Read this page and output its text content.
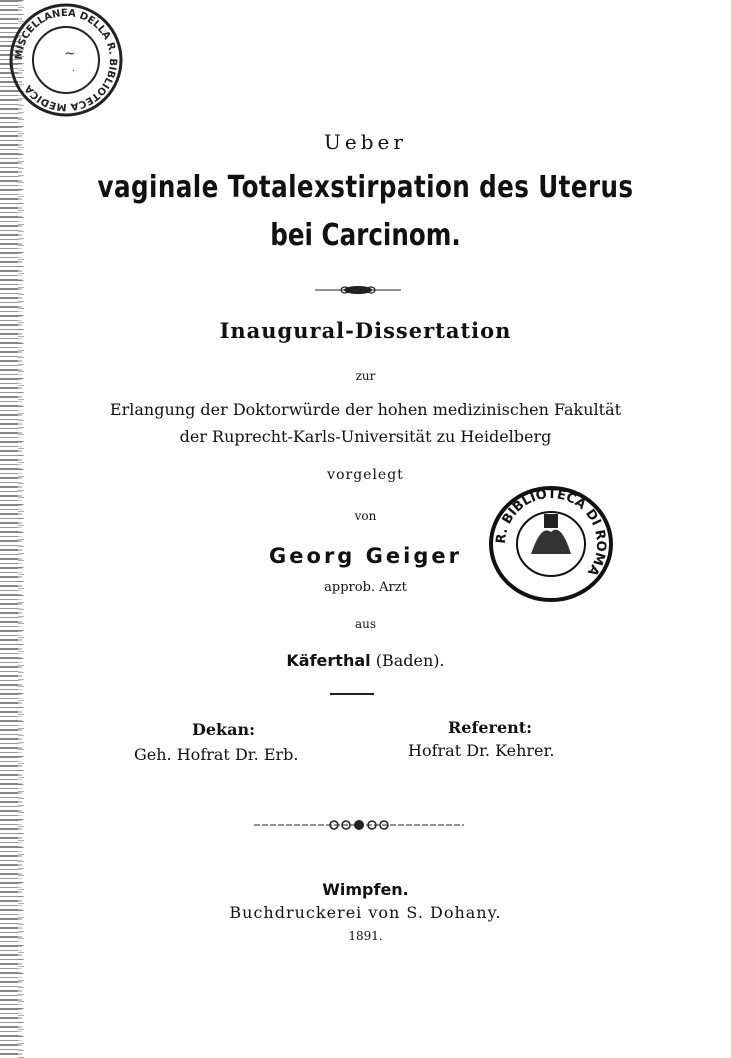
MISCELLANEA DELLA R. BIBLIOTECA MEDICA
~
·
Ueber
vaginale Totalexstirpation des Uterus
bei Carcinom.
Inaugural-Dissertation
zur
Erlangung der Doktorwürde der hohen medizinischen Fakultät
der Ruprecht-Karls-Universität zu Heidelberg
vorgelegt
von
Georg Geiger
approb. Arzt
aus
Käferthal (Baden).
Dekan:
Geh. Hofrat Dr. Erb.
Referent:
Hofrat Dr. Kehrer.
R. BIBLIOTECA DI ROMA
Wimpfen.
Buchdruckerei von S. Dohany.
1891.
